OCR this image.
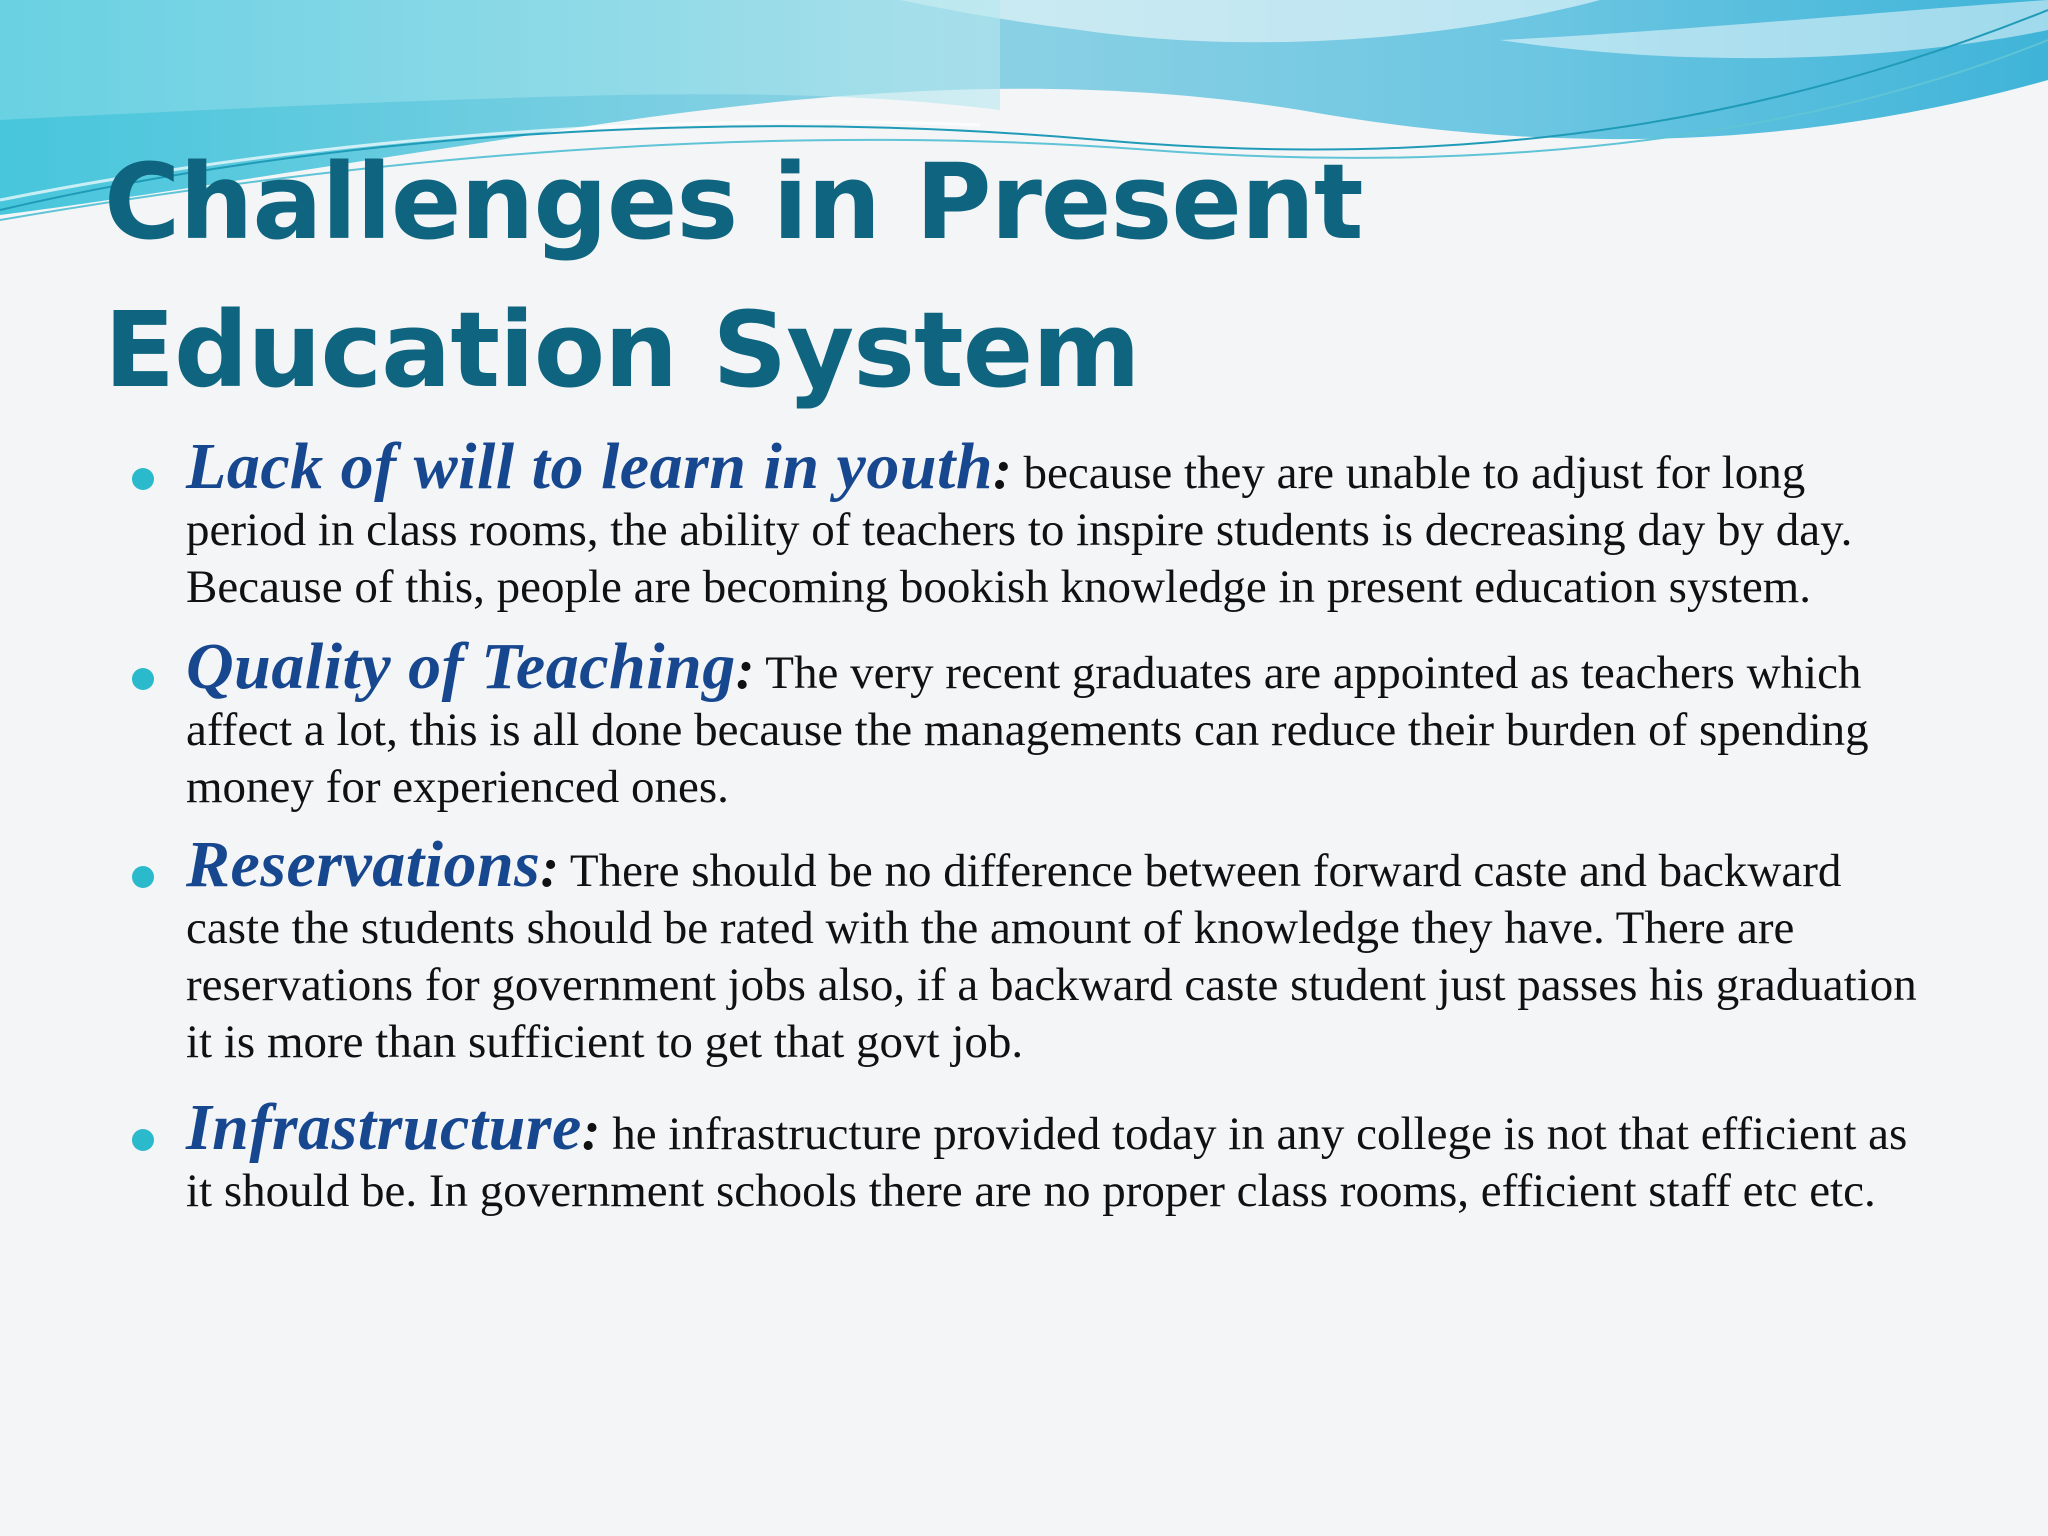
Challenges in Present Education System
Lack of will to learn in youth: because they are unable to adjust for long period in class rooms, the ability of teachers to inspire students is decreasing day by day. Because of this, people are becoming bookish knowledge in present education system.
Quality of Teaching: The very recent graduates are appointed as teachers which affect a lot, this is all done because the managements can reduce their burden of spending money for experienced ones.
Reservations: There should be no difference between forward caste and backward caste the students should be rated with the amount of knowledge they have. There are reservations for government jobs also, if a backward caste student just passes his graduation it is more than sufficient to get that govt job.
Infrastructure: he infrastructure provided today in any college is not that efficient as it should be. In government schools there are no proper class rooms, efficient staff etc etc.
